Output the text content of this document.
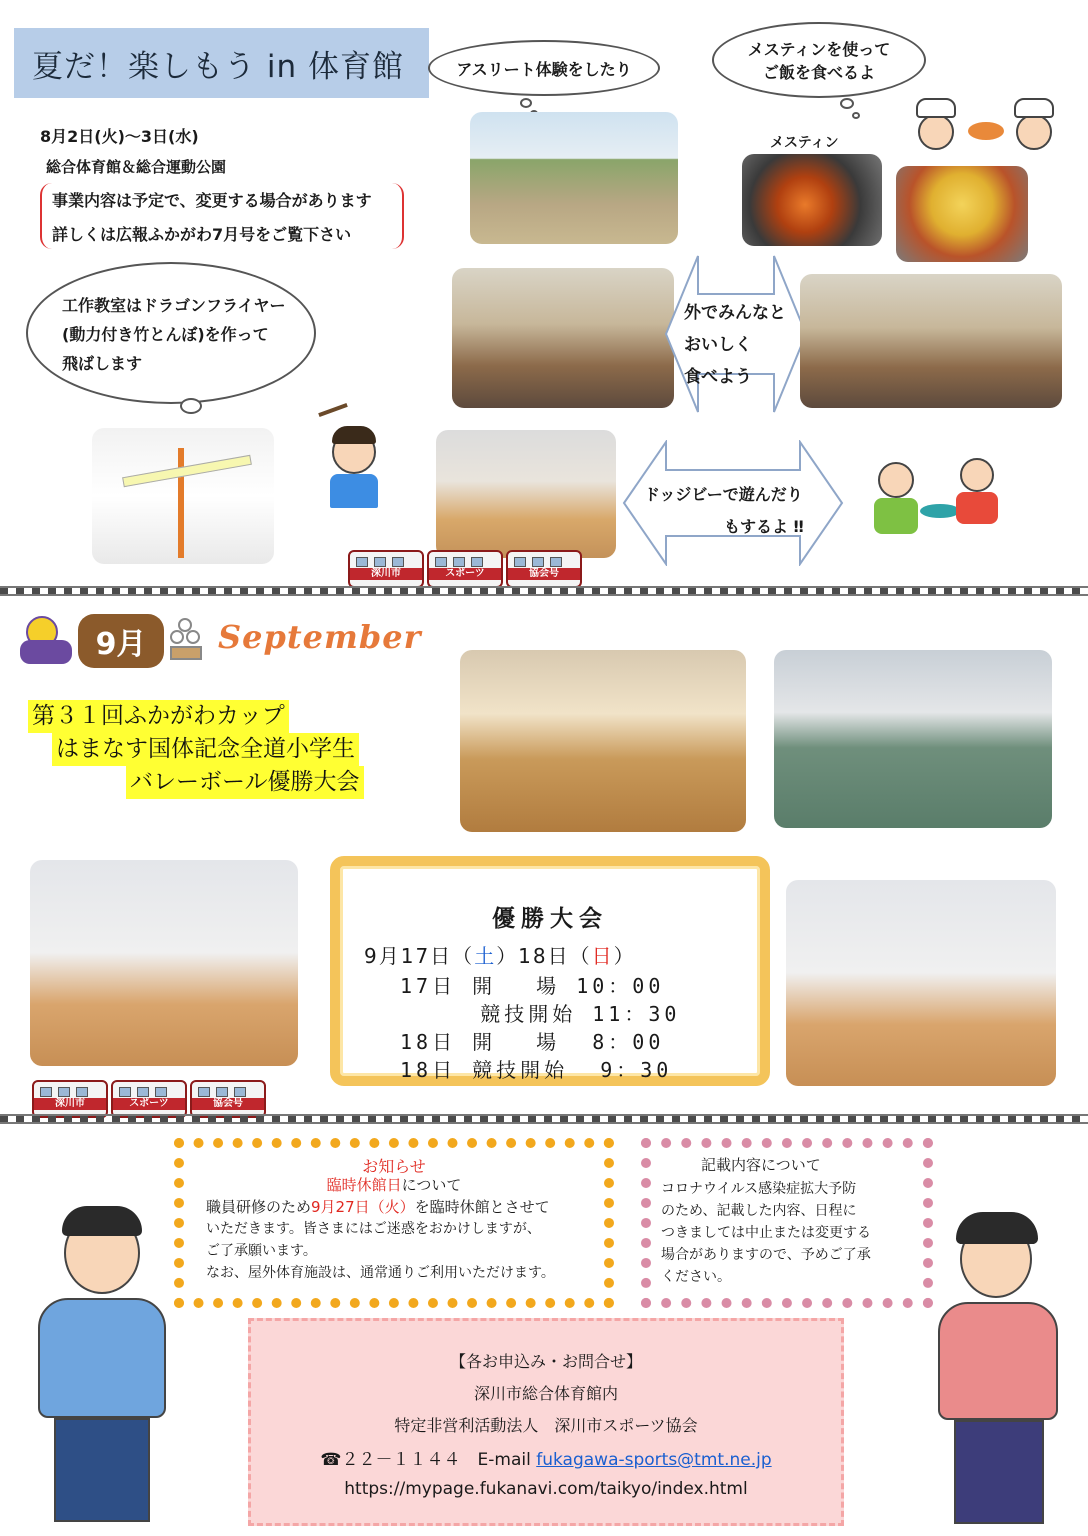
夏だ！楽しもう in 体育館
8月2日(火)～3日(水)
総合体育館＆総合運動公園
事業内容は予定で、変更する場合があります
詳しくは広報ふかがわ7月号をご覧下さい
アスリート体験をしたり
メスティンを使って
ご飯を食べるよ
メスティン
工作教室はドラゴンフライヤー
(動力付き竹とんぼ)を作って
飛ばします
外でみんなと
おいしく
食べよう
ドッジビーで遊んだり
もするよ ‼
深川市	スポーツ	協会号
9月 September
第３１回ふかがわカップ
はまなす国体記念全道小学生
バレーボール優勝大会
優勝大会
9月17日（土）18日（日）
17日 開　 場 10：00
競技開始 11：30
18日 開　 場  8：00
18日 競技開始  9：30
深川市	スポーツ	協会号
お知らせ
臨時休館日について
職員研修のため9月27日（火）を臨時休館とさせて
いただきます。皆さまにはご迷惑をおかけしますが、
ご了承願います。
なお、屋外体育施設は、通常通りご利用いただけます。
記載内容について
コロナウイルス感染症拡大予防
のため、記載した内容、日程に
つきましては中止または変更する
場合がありますので、予めご了承
ください。
【各お申込み・お問合せ】
深川市総合体育館内
特定非営利活動法人　深川市スポーツ協会
☎２２－１１４４　E-mail fukagawa-sports@tmt.ne.jp
https://mypage.fukanavi.com/taikyo/index.html
